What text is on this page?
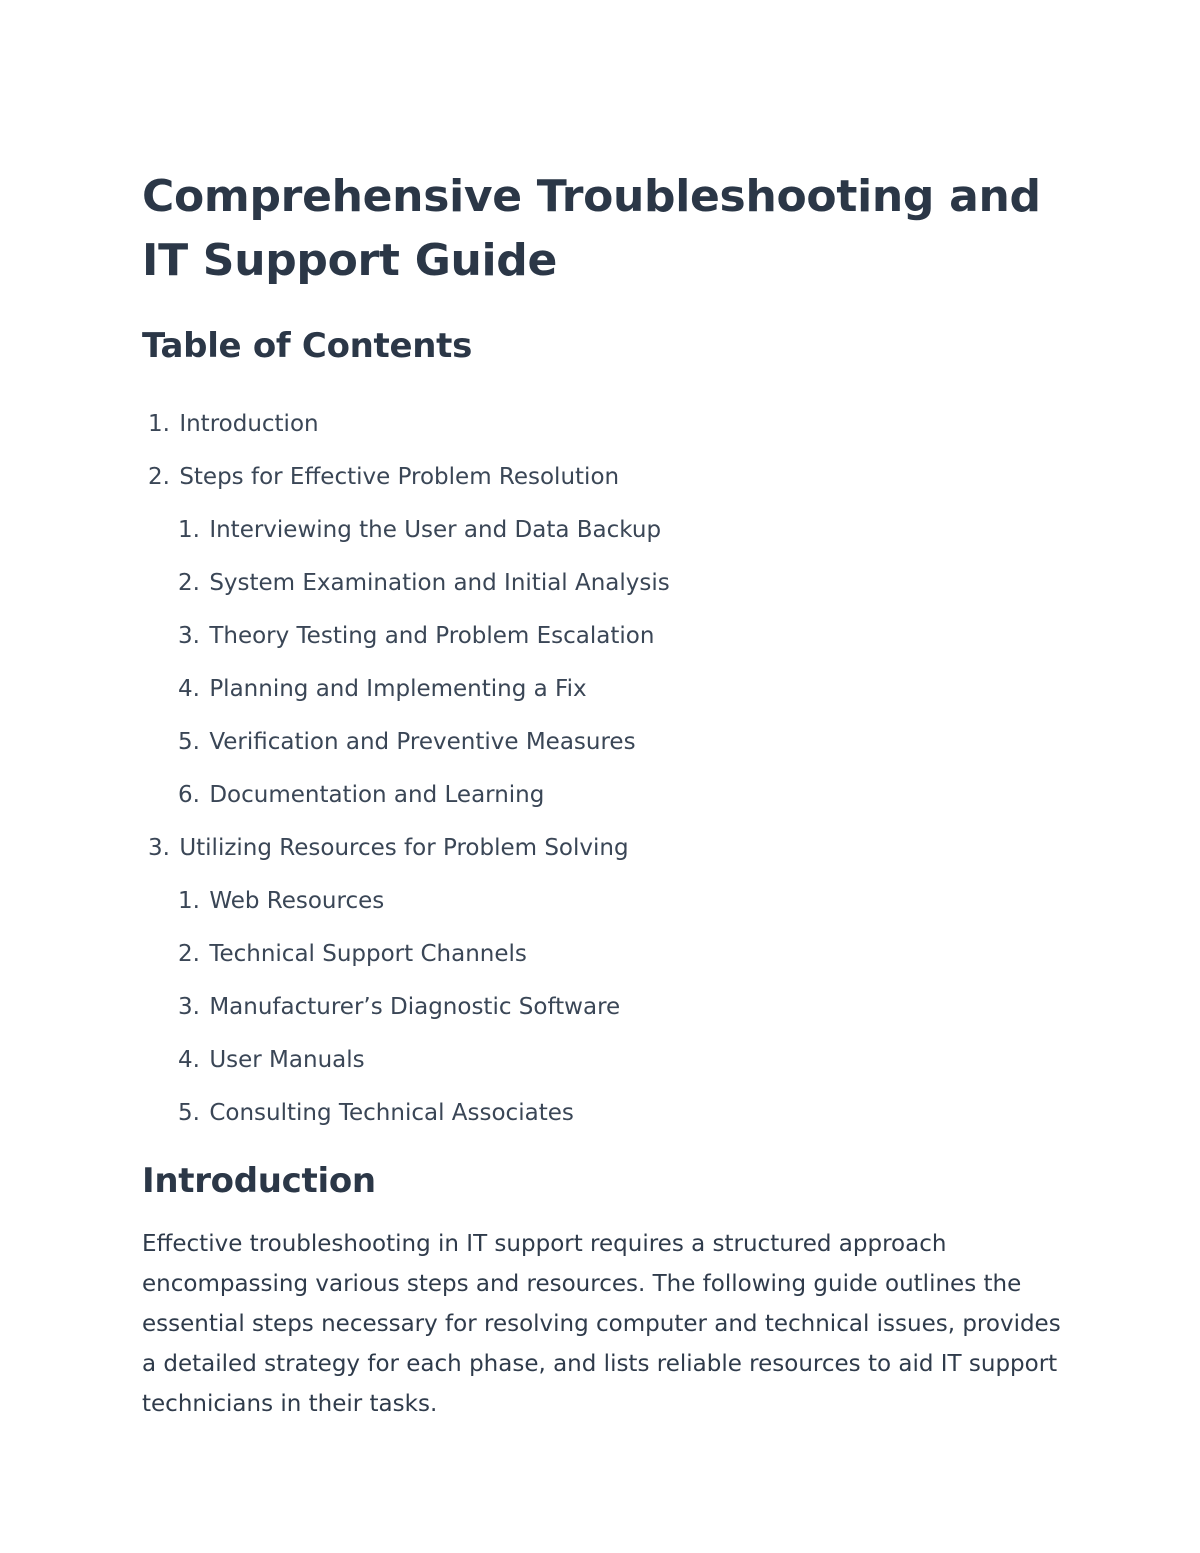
Comprehensive Troubleshooting and IT Support Guide
Table of Contents
1. Introduction
2. Steps for Effective Problem Resolution
1. Interviewing the User and Data Backup
2. System Examination and Initial Analysis
3. Theory Testing and Problem Escalation
4. Planning and Implementing a Fix
5. Verification and Preventive Measures
6. Documentation and Learning
3. Utilizing Resources for Problem Solving
1. Web Resources
2. Technical Support Channels
3. Manufacturer’s Diagnostic Software
4. User Manuals
5. Consulting Technical Associates
Introduction

Effective troubleshooting in IT support requires a structured approach encompassing various steps and resources. The following guide outlines the essential steps necessary for resolving computer and technical issues, provides a detailed strategy for each phase, and lists reliable resources to aid IT support technicians in their tasks.
